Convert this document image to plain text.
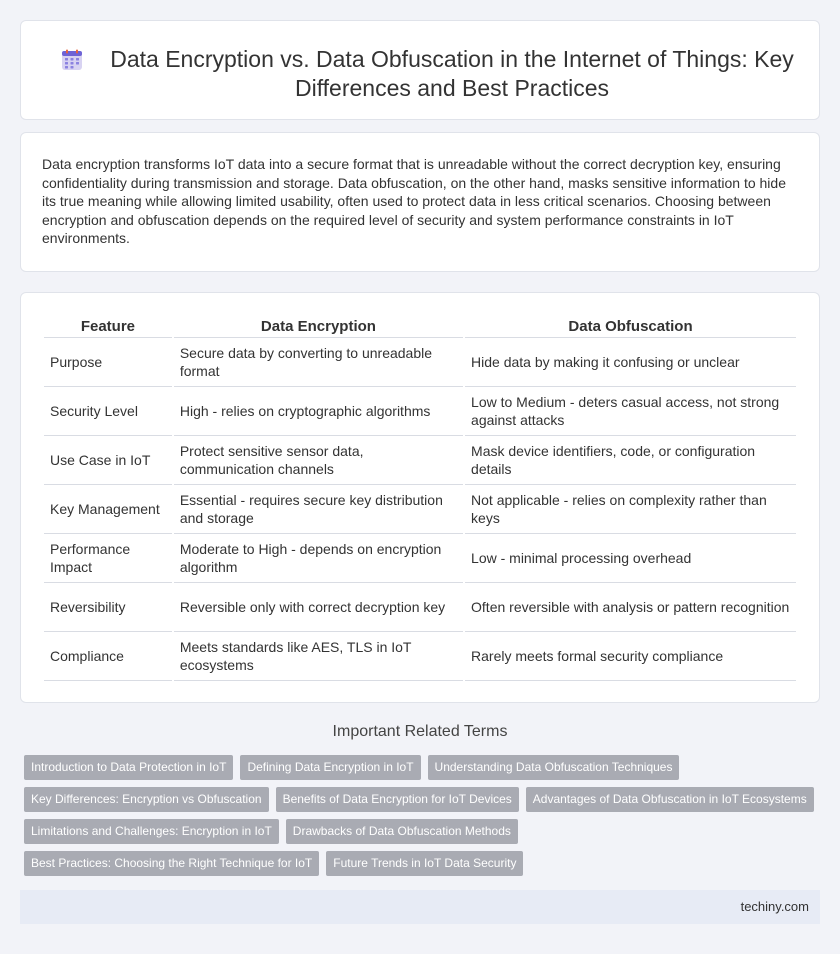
Data Encryption vs. Data Obfuscation in the Internet of Things: Key Differences and Best Practices

Data encryption transforms IoT data into a secure format that is unreadable without the correct decryption key, ensuring confidentiality during transmission and storage. Data obfuscation, on the other hand, masks sensitive information to hide its true meaning while allowing limited usability, often used to protect data in less critical scenarios. Choosing between encryption and obfuscation depends on the required level of security and system performance constraints in IoT environments.

Feature	Data Encryption	Data Obfuscation
Purpose	Secure data by converting to unreadable format	Hide data by making it confusing or unclear
Security Level	High - relies on cryptographic algorithms	Low to Medium - deters casual access, not strong against attacks
Use Case in IoT	Protect sensitive sensor data, communication channels	Mask device identifiers, code, or configuration details
Key Management	Essential - requires secure key distribution and storage	Not applicable - relies on complexity rather than keys
Performance Impact	Moderate to High - depends on encryption algorithm	Low - minimal processing overhead
Reversibility	Reversible only with correct decryption key	Often reversible with analysis or pattern recognition
Compliance	Meets standards like AES, TLS in IoT ecosystems	Rarely meets formal security compliance
Important Related Terms
Introduction to Data Protection in IoT	Defining Data Encryption in IoT	Understanding Data Obfuscation Techniques
Key Differences: Encryption vs Obfuscation	Benefits of Data Encryption for IoT Devices	Advantages of Data Obfuscation in IoT Ecosystems
Limitations and Challenges: Encryption in IoT	Drawbacks of Data Obfuscation Methods
Best Practices: Choosing the Right Technique for IoT	Future Trends in IoT Data Security
techiny.com
